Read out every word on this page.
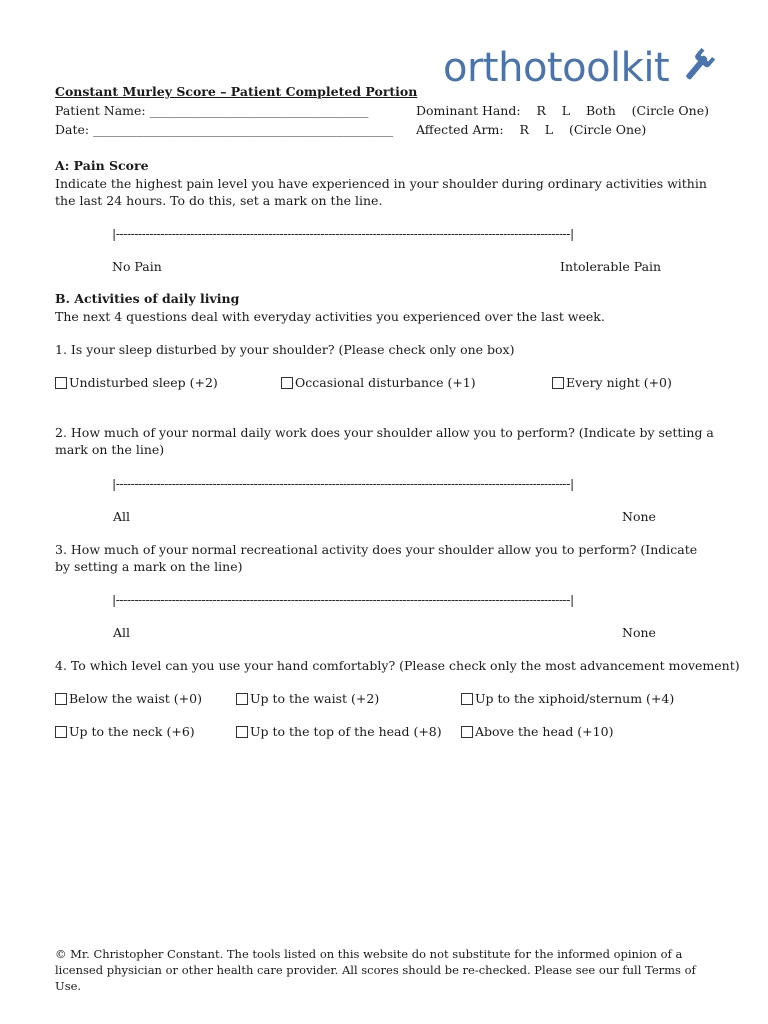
orthotoolkit
Constant Murley Score – Patient Completed Portion
Patient Name: ___________________________________
Date: ________________________________________________
Dominant Hand:    R    L    Both    (Circle One)
Affected Arm:    R    L    (Circle One)
A: Pain Score
Indicate the highest pain level you have experienced in your shoulder during ordinary activities within the last 24 hours. To do this, set a mark on the line.
|--------------------------------------------------------------------------------------------------------------------------|
No Pain	Intolerable Pain
B. Activities of daily living
The next 4 questions deal with everyday activities you experienced over the last week.
1. Is your sleep disturbed by your shoulder? (Please check only one box)
Undisturbed sleep (+2)	Occasional disturbance (+1)	Every night (+0)
2. How much of your normal daily work does your shoulder allow you to perform? (Indicate by setting a mark on the line)
|--------------------------------------------------------------------------------------------------------------------------|
All	None
3. How much of your normal recreational activity does your shoulder allow you to perform? (Indicate by setting a mark on the line)
|--------------------------------------------------------------------------------------------------------------------------|
All	None
4. To which level can you use your hand comfortably? (Please check only the most advancement movement)
Below the waist (+0)	Up to the waist (+2)	Up to the xiphoid/sternum (+4)
Up to the neck (+6)	Up to the top of the head (+8)	Above the head (+10)
© Mr. Christopher Constant. The tools listed on this website do not substitute for the informed opinion of a licensed physician or other health care provider. All scores should be re-checked. Please see our full Terms of Use.
